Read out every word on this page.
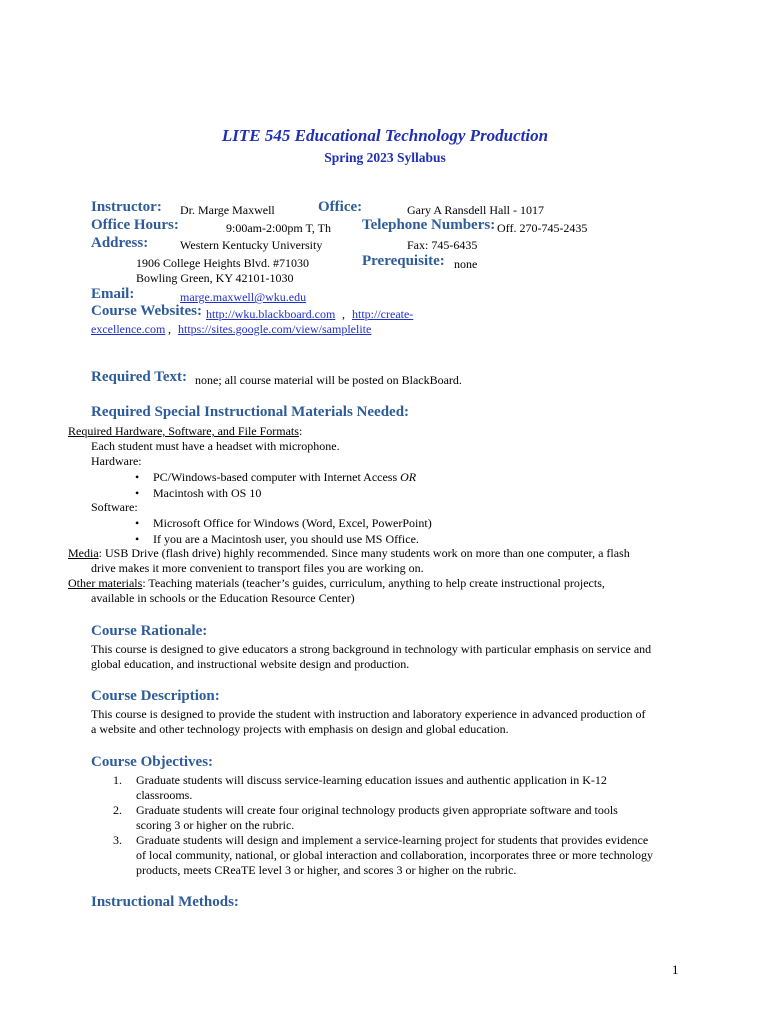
LITE 545 Educational Technology Production
Spring 2023 Syllabus
Instructor: Dr. Marge Maxwell	Office:	Gary A Ransdell Hall - 1017
Office Hours:	9:00am-2:00pm T, Th Telephone Numbers: Off. 270-745-2435
Address:	Western Kentucky University	Fax: 745-6435
1906 College Heights Blvd. #71030	Prerequisite: none
Bowling Green, KY 42101-1030
Email:	marge.maxwell@wku.edu
Course Websites: http://wku.blackboard.com , http://create-
excellence.com , https://sites.google.com/view/samplelite
Required Text: none; all course material will be posted on BlackBoard.
Required Special Instructional Materials Needed:
Required Hardware, Software, and File Formats:
Each student must have a headset with microphone.
Hardware:
• PC/Windows-based computer with Internet Access OR
• Macintosh with OS 10
Software:
• Microsoft Office for Windows (Word, Excel, PowerPoint)
• If you are a Macintosh user, you should use MS Office.
Media: USB Drive (flash drive) highly recommended. Since many students work on more than one computer, a flash
drive makes it more convenient to transport files you are working on.
Other materials: Teaching materials (teacher’s guides, curriculum, anything to help create instructional projects,
available in schools or the Education Resource Center)
Course Rationale:
This course is designed to give educators a strong background in technology with particular emphasis on service and
global education, and instructional website design and production.
Course Description:
This course is designed to provide the student with instruction and laboratory experience in advanced production of
a website and other technology projects with emphasis on design and global education.
Course Objectives:
1. Graduate students will discuss service-learning education issues and authentic application in K-12
classrooms.
2. Graduate students will create four original technology products given appropriate software and tools
scoring 3 or higher on the rubric.
3. Graduate students will design and implement a service-learning project for students that provides evidence
of local community, national, or global interaction and collaboration, incorporates three or more technology
products, meets CReaTE level 3 or higher, and scores 3 or higher on the rubric.
Instructional Methods:
1
